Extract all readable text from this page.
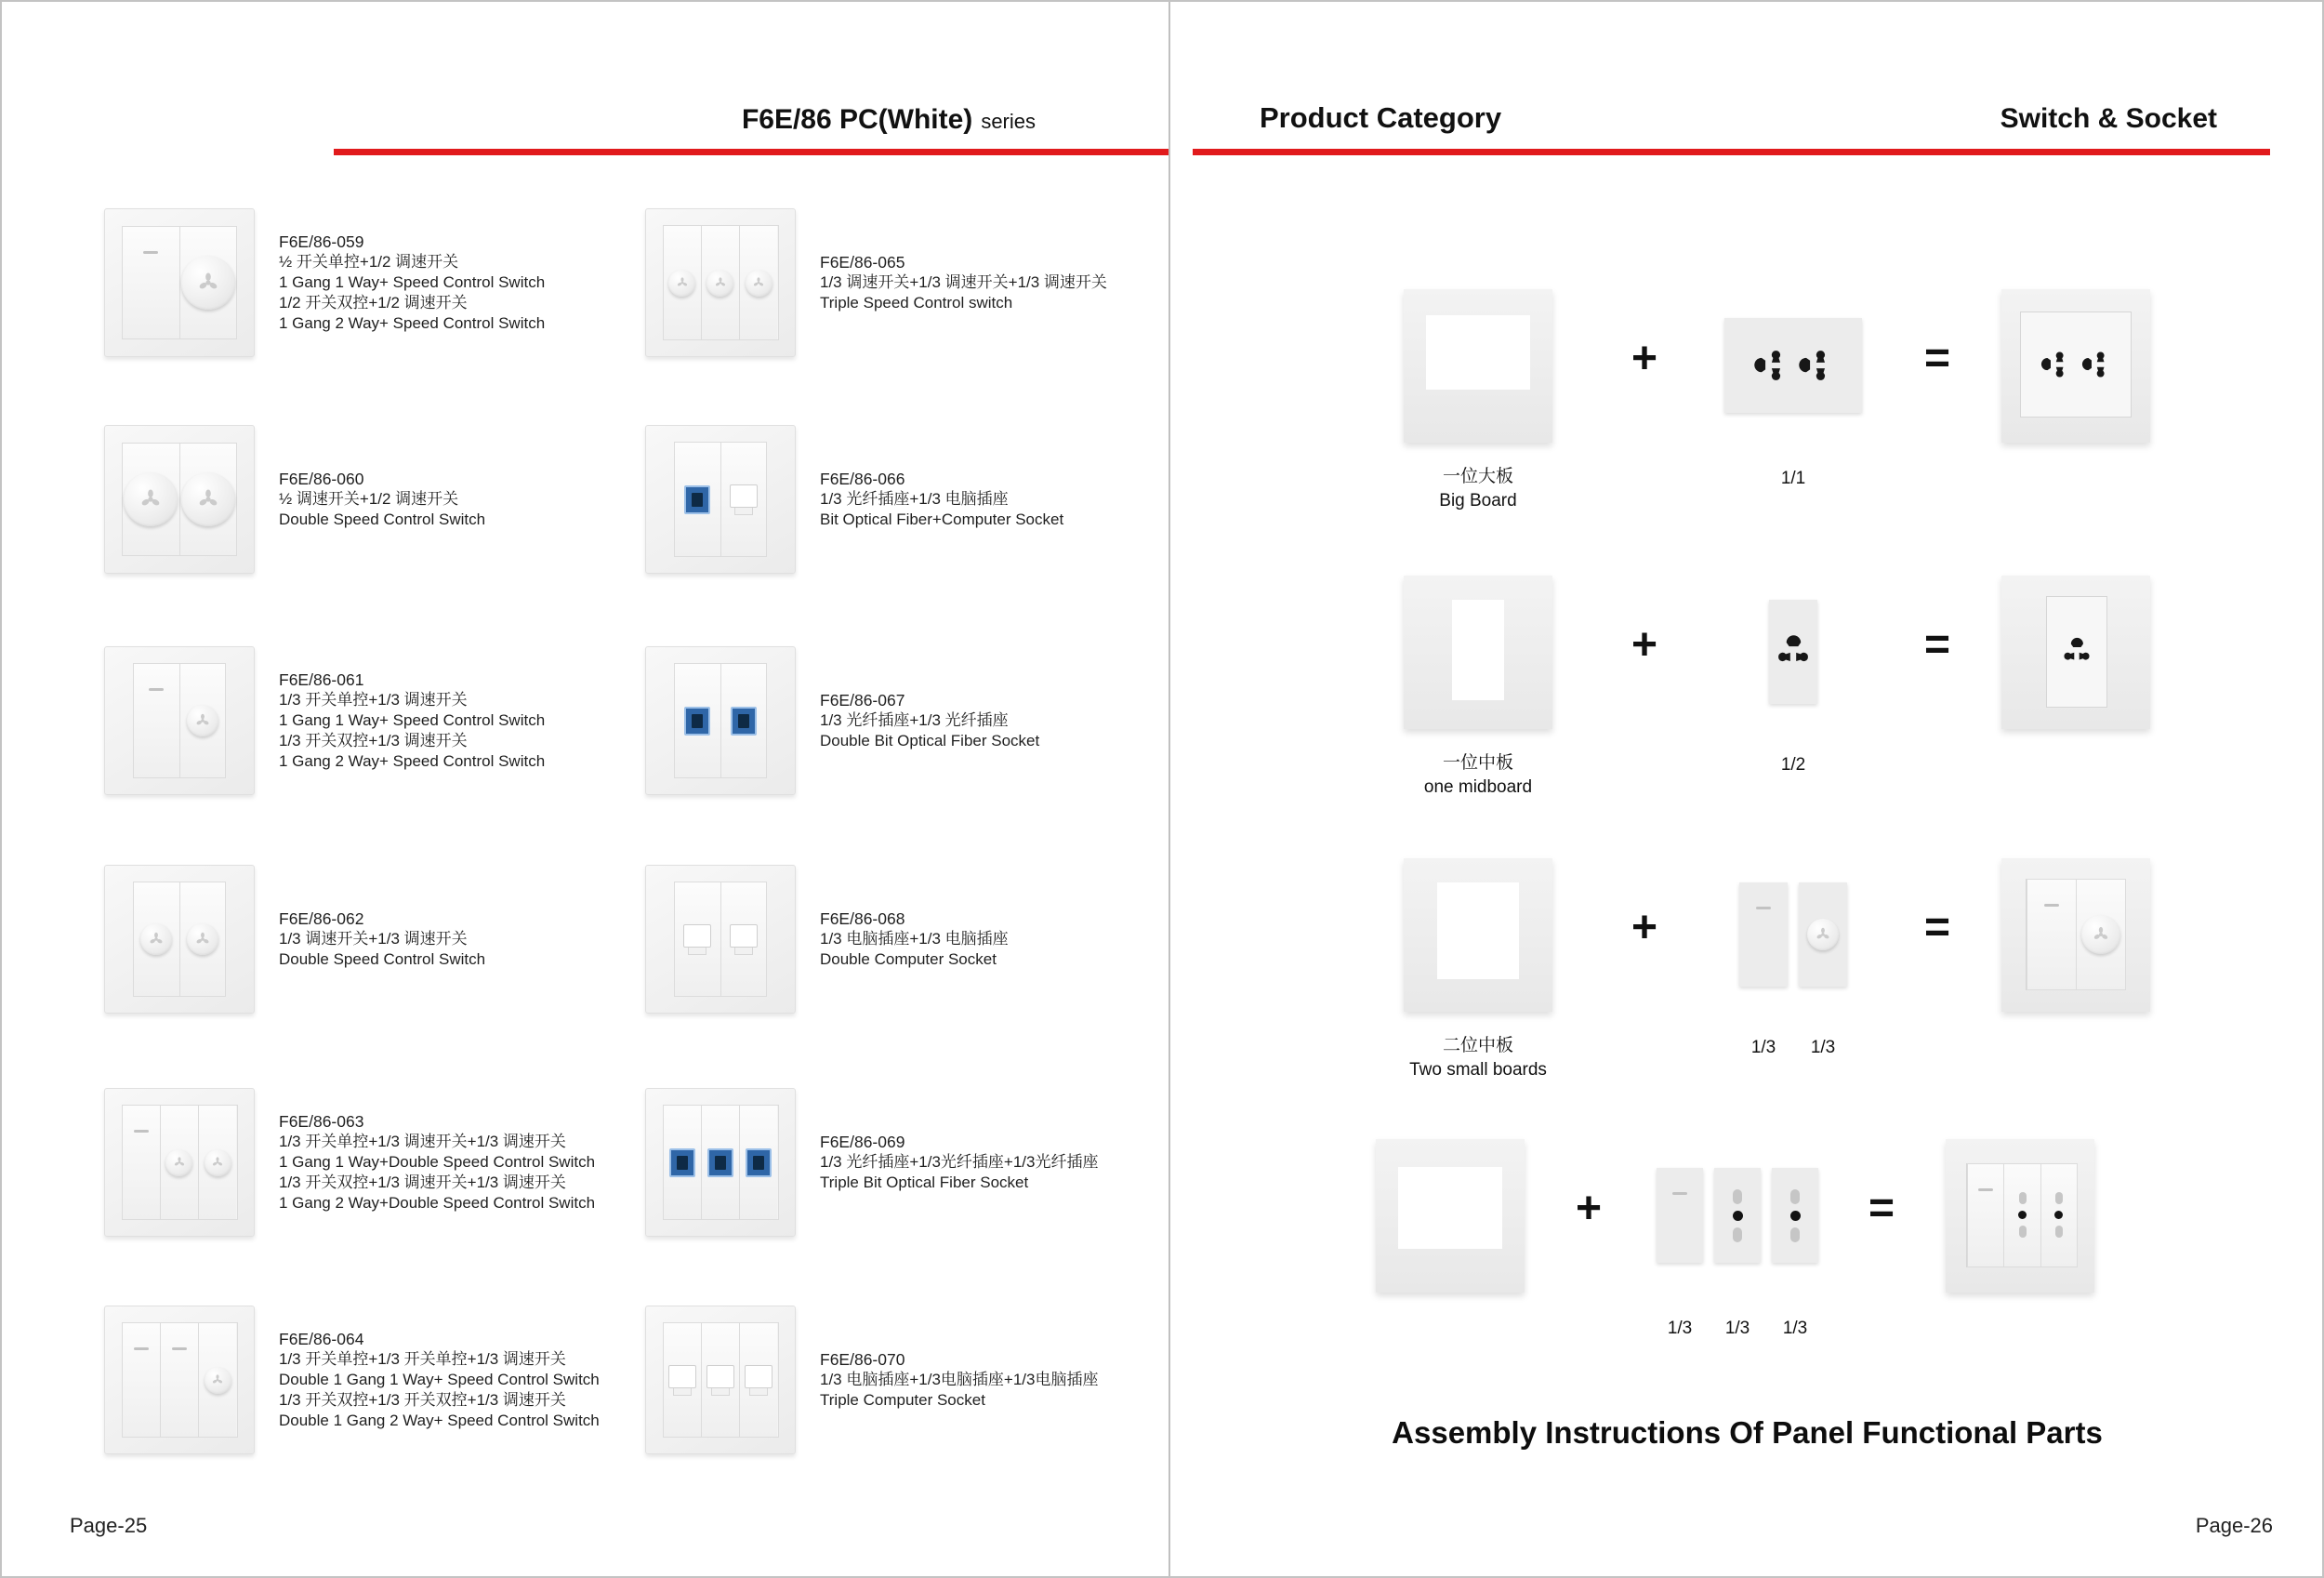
F6E/86 PC(White) series	Product Category	Switch & Socket
F6E/86-059
½ 开关单控+1/2 调速开关
1 Gang 1 Way+ Speed Control Switch
1/2 开关双控+1/2 调速开关
1 Gang 2 Way+ Speed Control Switch
F6E/86-060
½ 调速开关+1/2 调速开关
Double Speed Control Switch
F6E/86-061
1/3 开关单控+1/3 调速开关
1 Gang 1 Way+ Speed Control Switch
1/3 开关双控+1/3 调速开关
1 Gang 2 Way+ Speed Control Switch
F6E/86-062
1/3 调速开关+1/3 调速开关
Double Speed Control Switch
F6E/86-063
1/3 开关单控+1/3 调速开关+1/3 调速开关
1 Gang 1 Way+Double Speed Control Switch
1/3 开关双控+1/3 调速开关+1/3 调速开关
1 Gang 2 Way+Double Speed Control Switch
F6E/86-064
1/3 开关单控+1/3 开关单控+1/3 调速开关
Double 1 Gang 1 Way+ Speed Control Switch
1/3 开关双控+1/3 开关双控+1/3 调速开关
Double 1 Gang 2 Way+ Speed Control Switch
F6E/86-065
1/3 调速开关+1/3 调速开关+1/3 调速开关
Triple Speed Control switch
F6E/86-066
1/3 光纤插座+1/3 电脑插座
Bit Optical Fiber+Computer Socket
F6E/86-067
1/3 光纤插座+1/3 光纤插座
Double Bit Optical Fiber Socket
F6E/86-068
1/3 电脑插座+1/3 电脑插座
Double Computer Socket
F6E/86-069
1/3 光纤插座+1/3光纤插座+1/3光纤插座
Triple Bit Optical Fiber Socket
F6E/86-070
1/3 电脑插座+1/3电脑插座+1/3电脑插座
Triple Computer Socket
一位大板
Big Board
+
1/1
=
一位中板
one midboard
+
1/2
=
二位中板
Two small boards
+
1/3 1/3
=
+
1/3 1/3 1/3
=
Assembly Instructions Of Panel Functional Parts
Page-25	Page-26
